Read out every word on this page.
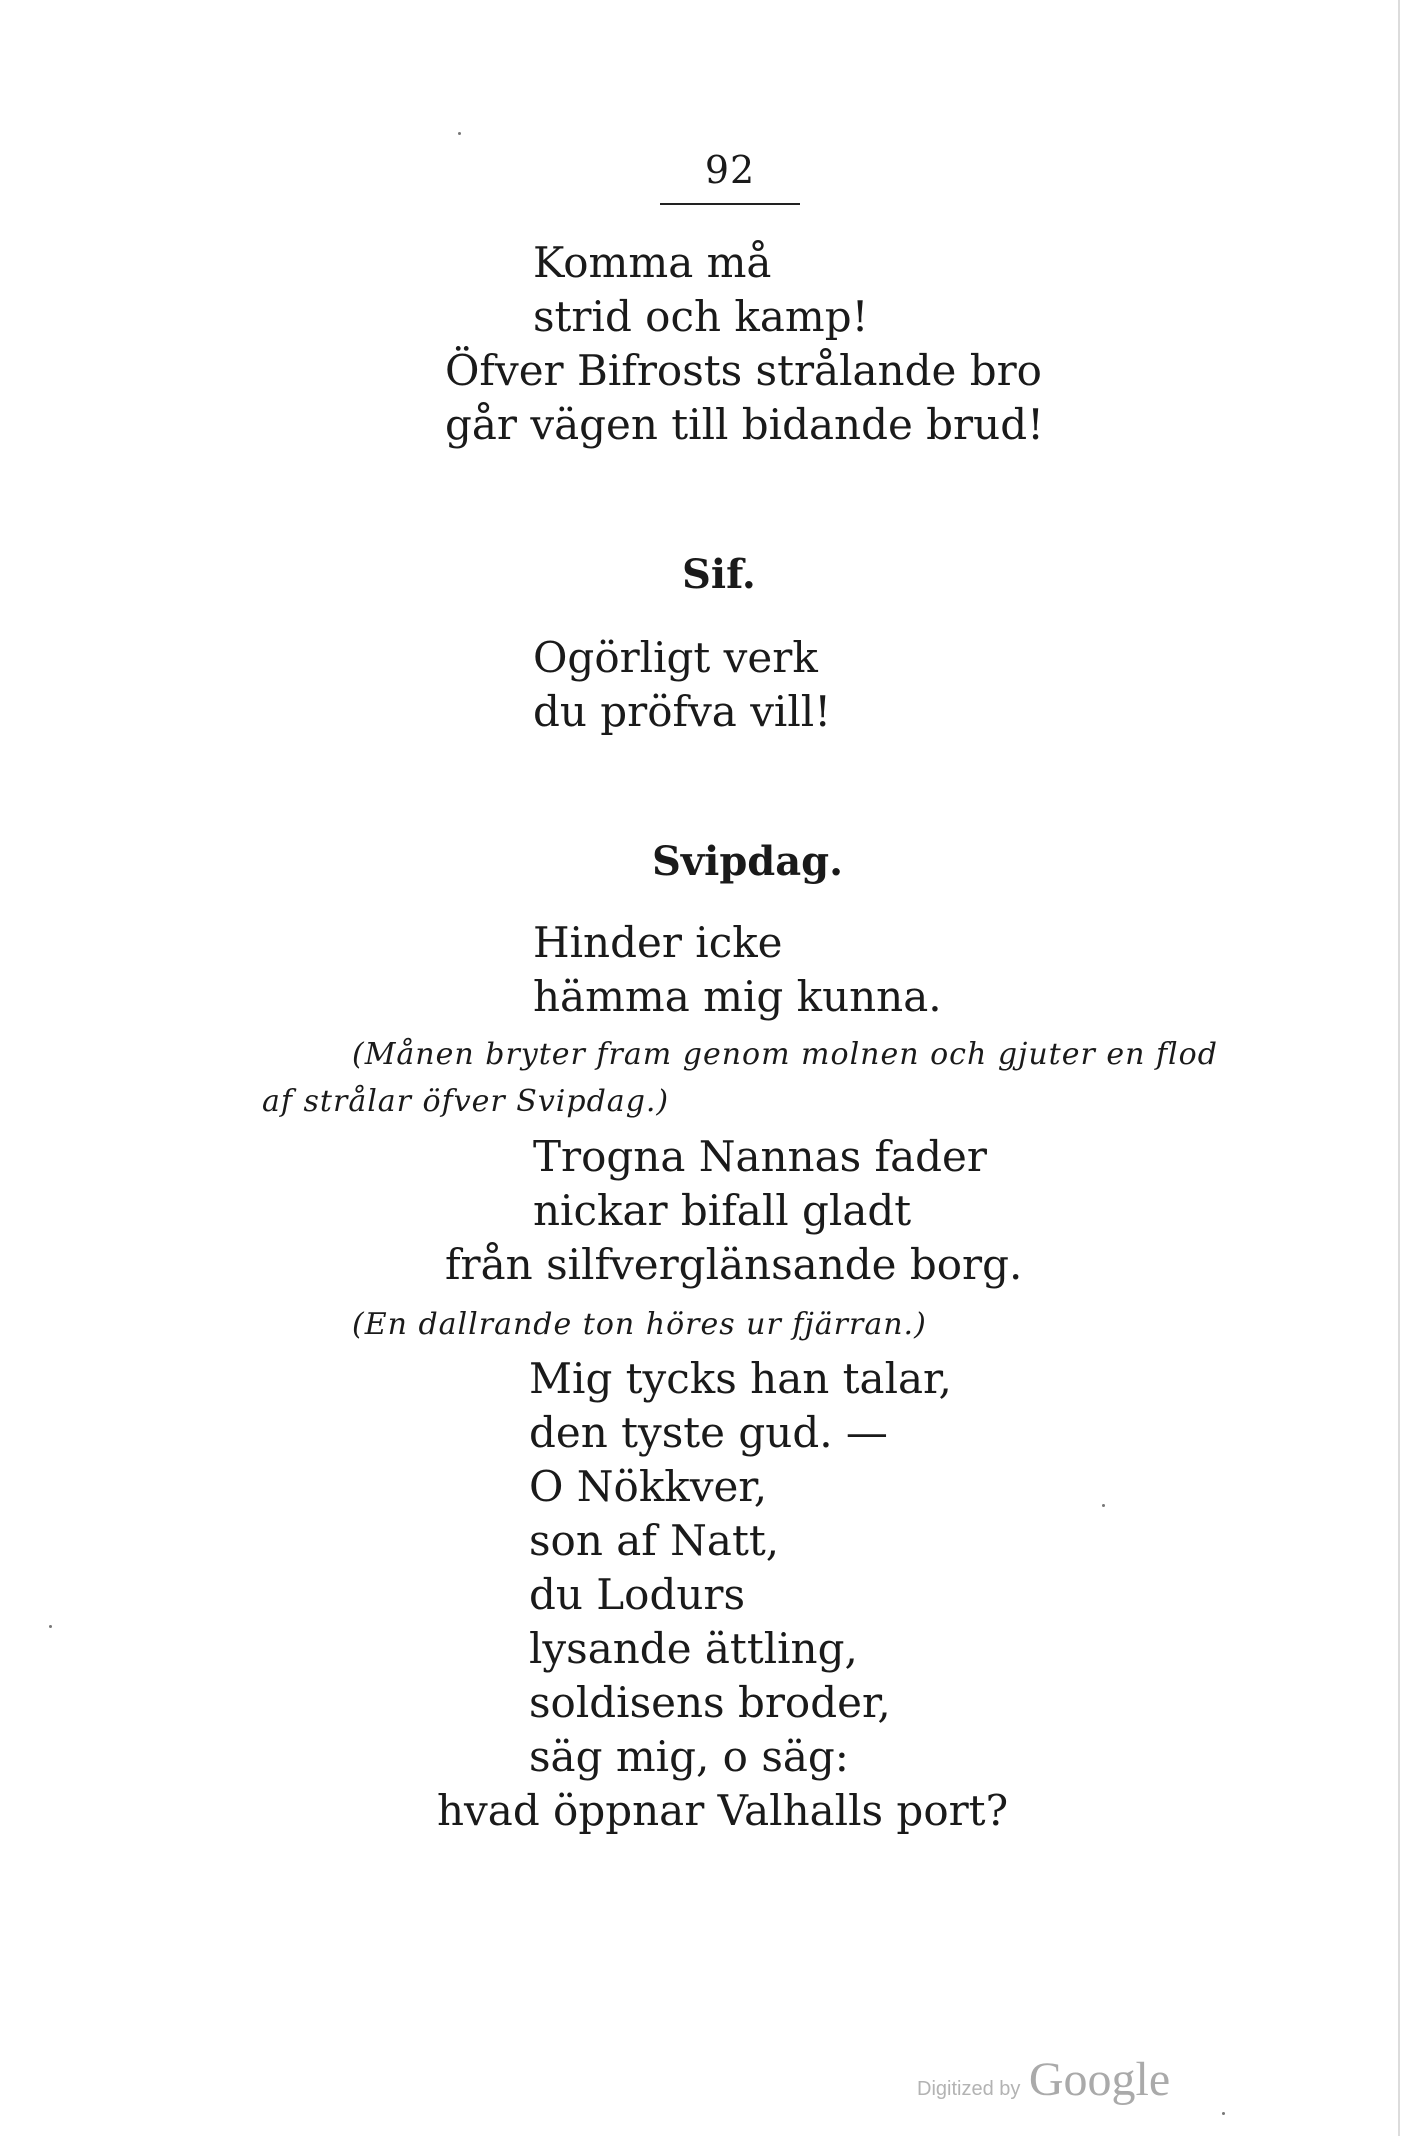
92
Komma må
strid och kamp!
Öfver Bifrosts strålande bro
går vägen till bidande brud!
Sif.
Ogörligt verk
du pröfva vill!
Svipdag.
Hinder icke
hämma mig kunna.
(Månen bryter fram genom molnen och gjuter en flod
af strålar öfver Svipdag.)
Trogna Nannas fader
nickar bifall gladt
från silfverglänsande borg.
(En dallrande ton höres ur fjärran.)
Mig tycks han talar,
den tyste gud. —
O Nökkver,
son af Natt,
du Lodurs
lysande ättling,
soldisens broder,
säg mig, o säg:
hvad öppnar Valhalls port?
Digitized by Google
